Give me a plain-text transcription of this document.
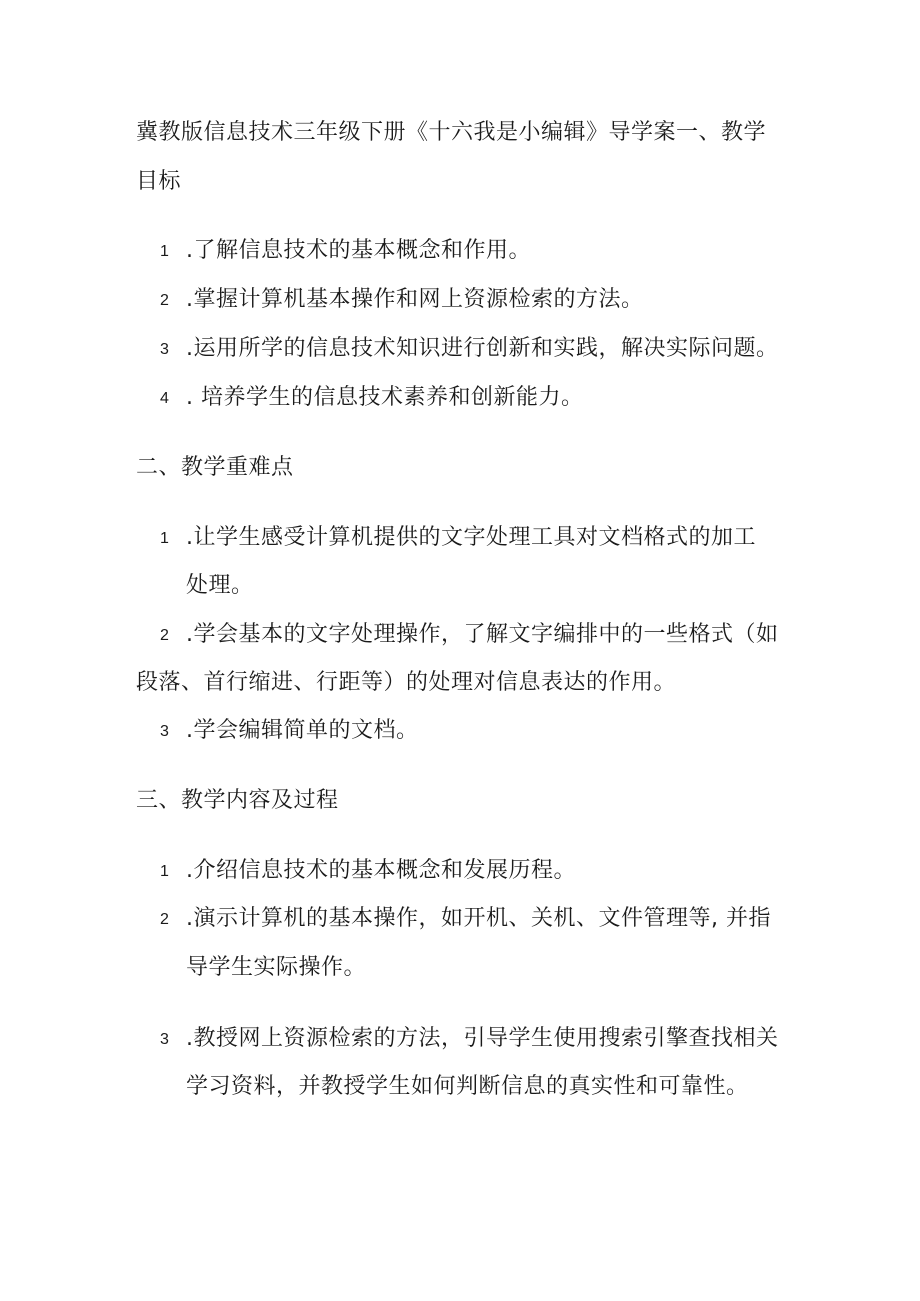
冀教版信息技术三年级下册《十六我是小编辑》导学案一、教学
目标
1 .了解信息技术的基本概念和作用。
2 .掌握计算机基本操作和网上资源检索的方法。
3 .运用所学的信息技术知识进行创新和实践，解决实际问题。
4 . 培养学生的信息技术素养和创新能力。
二、教学重难点
1 .让学生感受计算机提供的文字处理工具对文档格式的加工
处理。
2 .学会基本的文字处理操作，了解文字编排中的一些格式（如
段落、首行缩进、行距等）的处理对信息表达的作用。
3 .学会编辑简单的文档。
三、教学内容及过程
1 .介绍信息技术的基本概念和发展历程。
2 .演示计算机的基本操作，如开机、关机、文件管理等, 并指
导学生实际操作。
3 .教授网上资源检索的方法，引导学生使用搜索引擎查找相关
学习资料，并教授学生如何判断信息的真实性和可靠性。
